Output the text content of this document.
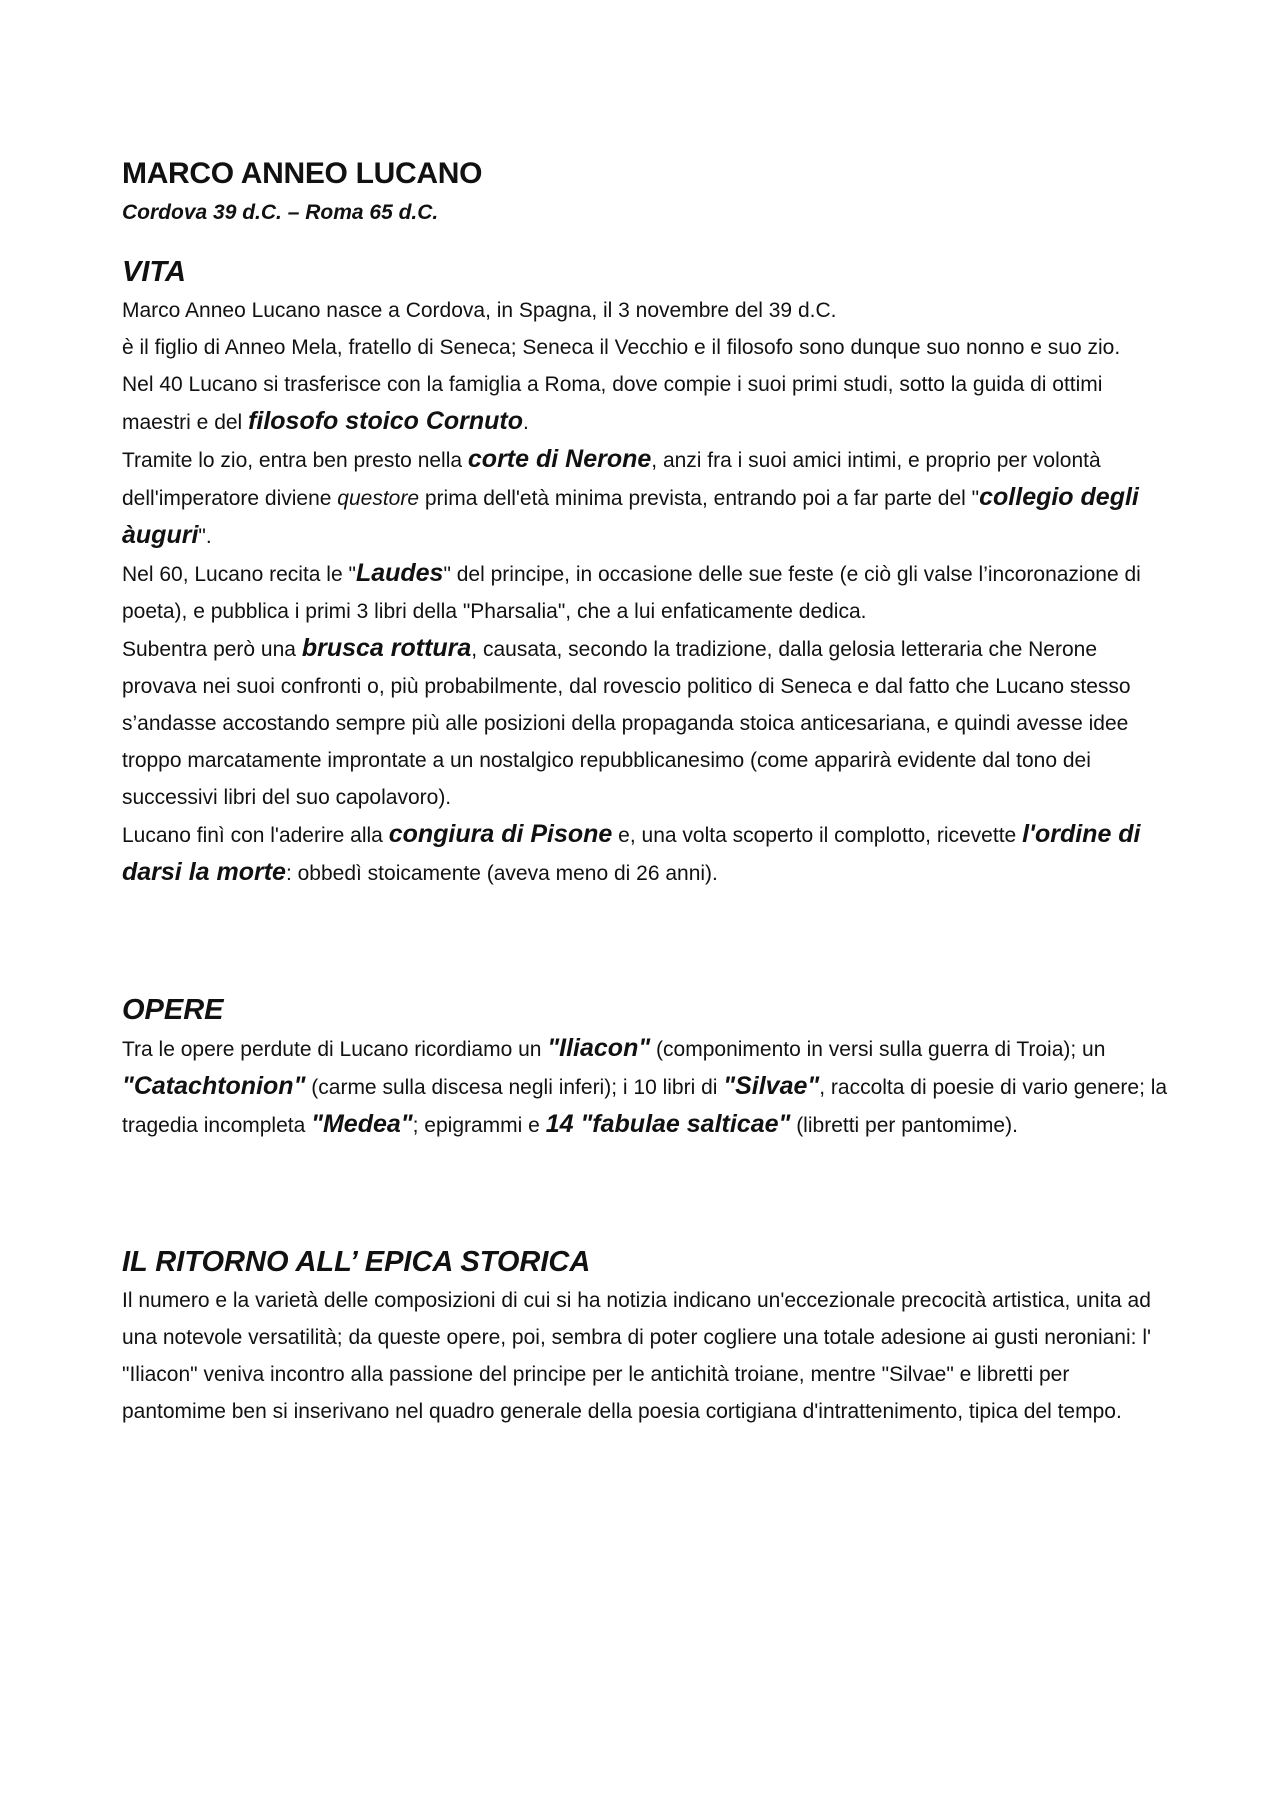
MARCO ANNEO LUCANO

Cordova 39 d.C. – Roma 65 d.C.

VITA

Marco Anneo Lucano nasce a Cordova, in Spagna, il 3 novembre del 39 d.C.

è il figlio di Anneo Mela, fratello di Seneca; Seneca il Vecchio e il filosofo sono dunque suo nonno e suo zio.

Nel 40 Lucano si trasferisce con la famiglia a Roma, dove compie i suoi primi studi, sotto la guida di ottimi maestri e del filosofo stoico Cornuto.

Tramite lo zio, entra ben presto nella corte di Nerone, anzi fra i suoi amici intimi, e proprio per volontà dell'imperatore diviene questore prima dell'età minima prevista, entrando poi a far parte del "collegio degli àuguri".

Nel 60, Lucano recita le "Laudes" del principe, in occasione delle sue feste (e ciò gli valse l’incoronazione di poeta), e pubblica i primi 3 libri della "Pharsalia", che a lui enfaticamente dedica.

Subentra però una brusca rottura, causata, secondo la tradizione, dalla gelosia letteraria che Nerone provava nei suoi confronti o, più probabilmente, dal rovescio politico di Seneca e dal fatto che Lucano stesso s’andasse accostando sempre più alle posizioni della propaganda stoica anticesariana, e quindi avesse idee troppo marcatamente improntate a un nostalgico repubblicanesimo (come apparirà evidente dal tono dei successivi libri del suo capolavoro).

Lucano finì con l'aderire alla congiura di Pisone e, una volta scoperto il complotto, ricevette l'ordine di darsi la morte: obbedì stoicamente (aveva meno di 26 anni).

OPERE

Tra le opere perdute di Lucano ricordiamo un "Iliacon" (componimento in versi sulla guerra di Troia); un "Catachtonion" (carme sulla discesa negli inferi); i 10 libri di "Silvae", raccolta di poesie di vario genere; la tragedia incompleta "Medea"; epigrammi e 14 "fabulae salticae" (libretti per pantomime).

IL RITORNO ALL’ EPICA STORICA

Il numero e la varietà delle composizioni di cui si ha notizia indicano un'eccezionale precocità artistica, unita ad una notevole versatilità; da queste opere, poi, sembra di poter cogliere una totale adesione ai gusti neroniani: l' "Iliacon" veniva incontro alla passione del principe per le antichità troiane, mentre "Silvae" e libretti per pantomime ben si inserivano nel quadro generale della poesia cortigiana d'intrattenimento, tipica del tempo.
